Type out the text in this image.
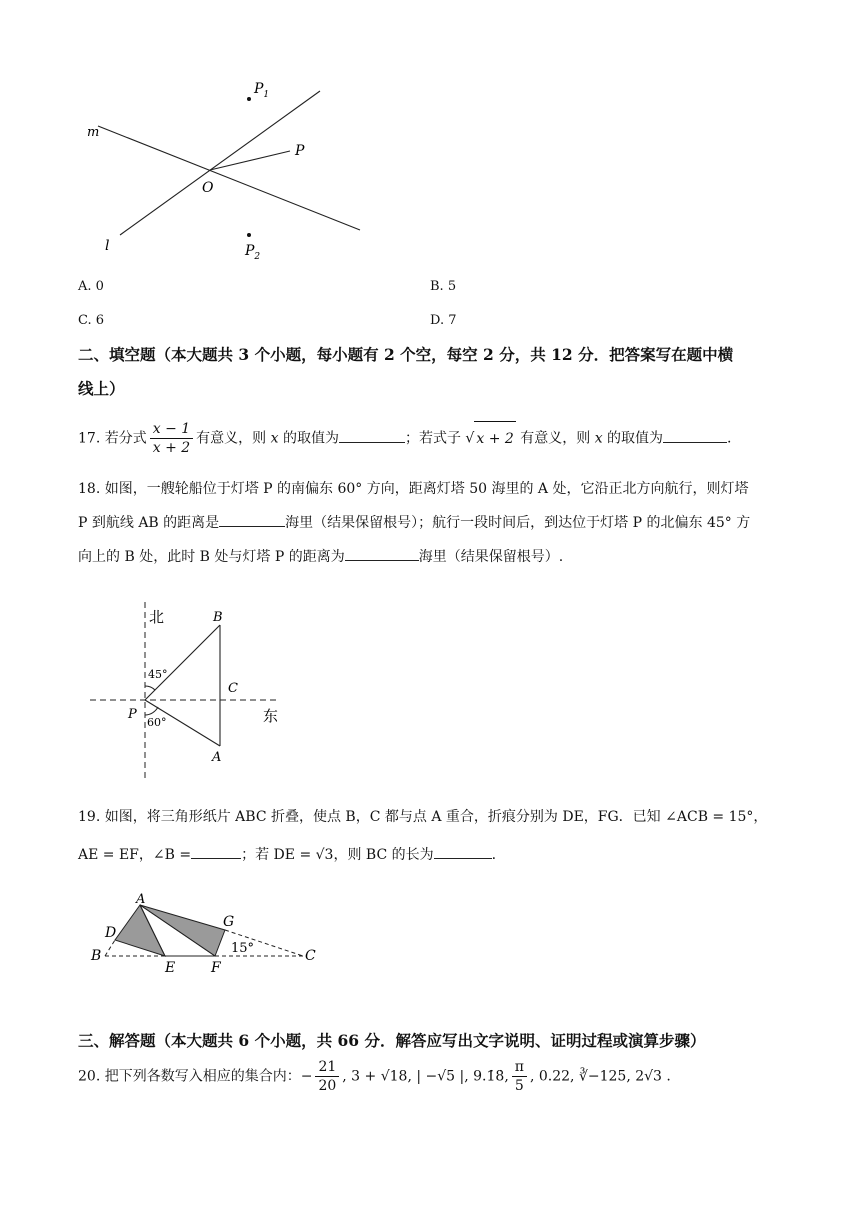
$P_1$
P
m
O
l	$P_2$
A. 0	B. 5
C. 6	D. 7
二、填空题（本大题共 3 个小题，每小题有 2 个空，每空 2 分，共 12 分．把答案写在题中横
线上）
17. 若分式 $\frac{x - 1}{x + 2}$ 有意义，则 x 的取值为	；若式子 √ x + 2 有意义，则 x 的取值为	.
18. 如图，一艘轮船位于灯塔 P 的南偏东 60° 方向，距离灯塔 50 海里的 A 处，它沿正北方向航行，则灯塔
P 到航线 AB 的距离是	海里（结果保留根号）；航行一段时间后，到达位于灯塔 P 的北偏东 45° 方
向上的 B 处，此时 B 处与灯塔 P 的距离为	海里（结果保留根号）.
北	B
45°
C
P
60°	东
A
19. 如图，将三角形纸片 ABC 折叠，使点 B，C 都与点 A 重合，折痕分别为 DE，FG．已知 ∠ACB = 15°，
AE = EF，∠B =	；若 DE = √3，则 BC 的长为	.
A
D
G
15°
B
E	F
C
三、解答题（本大题共 6 个小题，共 66 分．解答应写出文字说明、证明过程或演算步骤）
20. 把下列各数写入相应的集合内：− $\frac{21}{20}$ , 3 + √18, | −√5 |, 9.1̇8̇, $\frac{\pi}{5}$ , 0.22, ∛−125, 2√3 .
